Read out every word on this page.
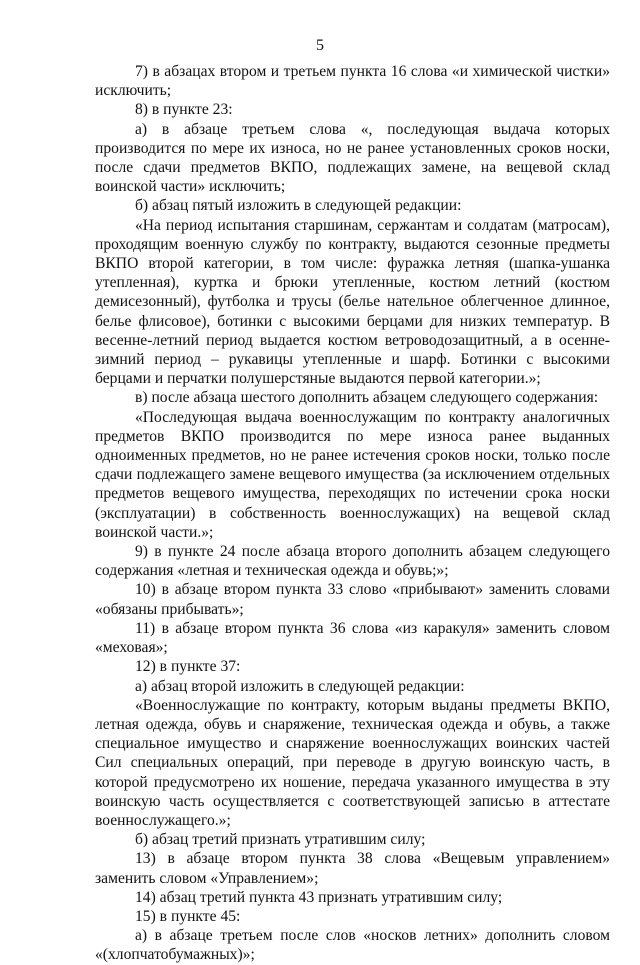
5

7) в абзацах втором и третьем пункта 16 слова «и химической чистки» исключить;

8) в пункте 23:

а) в абзаце третьем слова «, последующая выдача которых производится по мере их износа, но не ранее установленных сроков носки, после сдачи предметов ВКПО, подлежащих замене, на вещевой склад воинской части» исключить;

б) абзац пятый изложить в следующей редакции:

«На период испытания старшинам, сержантам и солдатам (матросам), проходящим военную службу по контракту, выдаются сезонные предметы ВКПО второй категории, в том числе: фуражка летняя (шапка-ушанка утепленная), куртка и брюки утепленные, костюм летний (костюм демисезонный), футболка и трусы (белье нательное облегченное длинное, белье флисовое), ботинки с высокими берцами для низких температур. В весенне-летний период выдается костюм ветроводозащитный, а в осенне-зимний период – рукавицы утепленные и шарф. Ботинки с высокими берцами и перчатки полушерстяные выдаются первой категории.»;

в) после абзаца шестого дополнить абзацем следующего содержания:

«Последующая выдача военнослужащим по контракту аналогичных предметов ВКПО производится по мере износа ранее выданных одноименных предметов, но не ранее истечения сроков носки, только после сдачи подлежащего замене вещевого имущества (за исключением отдельных предметов вещевого имущества, переходящих по истечении срока носки (эксплуатации) в собственность военнослужащих) на вещевой склад воинской части.»;

9) в пункте 24 после абзаца второго дополнить абзацем следующего содержания «летная и техническая одежда и обувь;»;

10) в абзаце втором пункта 33 слово «прибывают» заменить словами «обязаны прибывать»;

11) в абзаце втором пункта 36 слова «из каракуля» заменить словом «меховая»;

12) в пункте 37:

а) абзац второй изложить в следующей редакции:

«Военнослужащие по контракту, которым выданы предметы ВКПО, летная одежда, обувь и снаряжение, техническая одежда и обувь, а также специальное имущество и снаряжение военнослужащих воинских частей Сил специальных операций, при переводе в другую воинскую часть, в которой предусмотрено их ношение, передача указанного имущества в эту воинскую часть осуществляется с соответствующей записью в аттестате военнослужащего.»;

б) абзац третий признать утратившим силу;

13) в абзаце втором пункта 38 слова «Вещевым управлением» заменить словом «Управлением»;

14) абзац третий пункта 43 признать утратившим силу;

15) в пункте 45:

а) в абзаце третьем после слов «носков летних» дополнить словом «(хлопчатобумажных)»;
